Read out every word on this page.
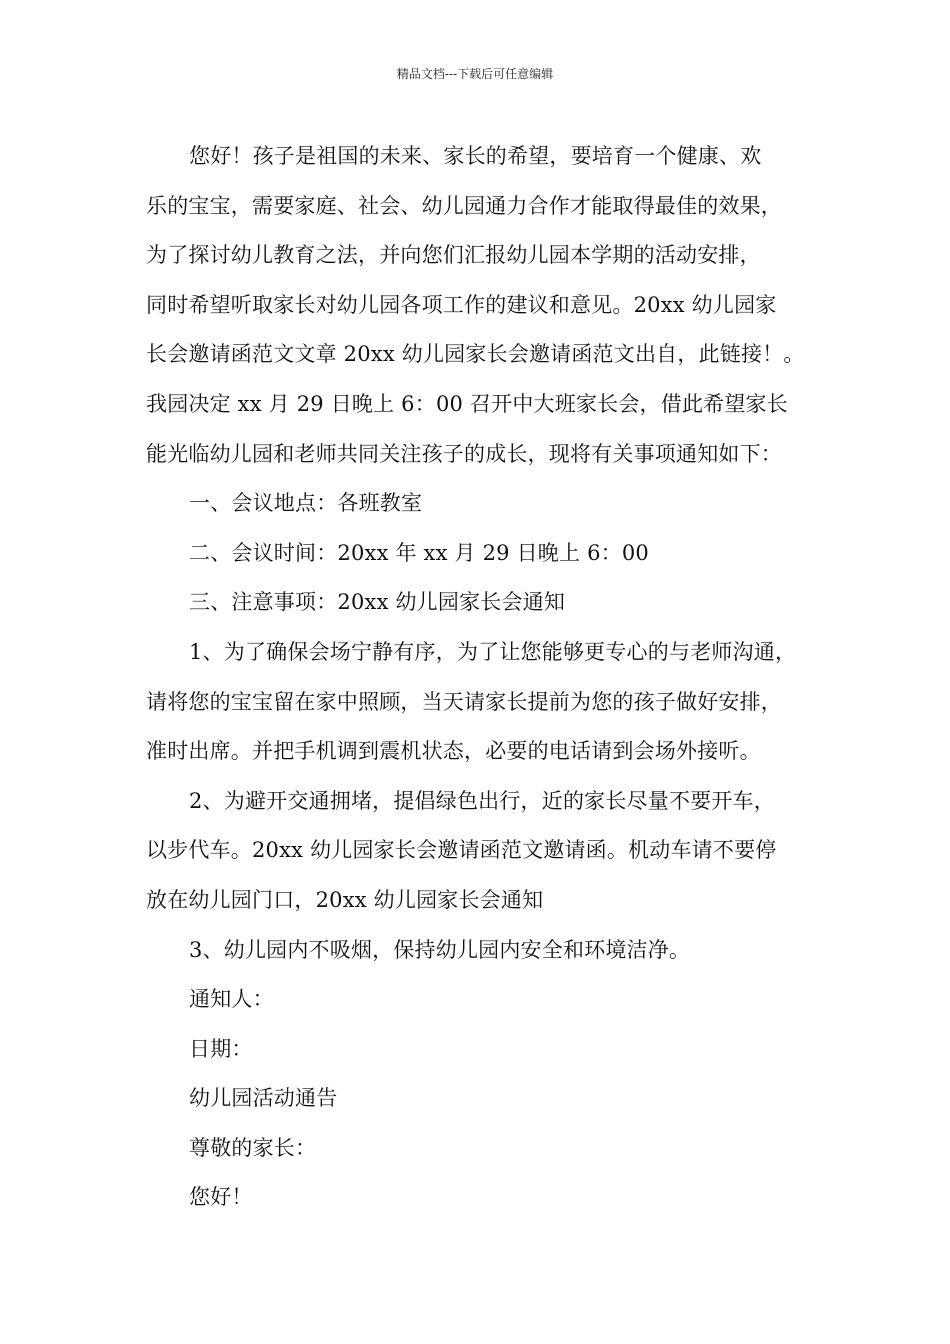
精品文档---下载后可任意编辑
您好！孩子是祖国的未来、家长的希望，要培育一个健康、欢
乐的宝宝，需要家庭、社会、幼儿园通力合作才能取得最佳的效果，
为了探讨幼儿教育之法，并向您们汇报幼儿园本学期的活动安排，
同时希望听取家长对幼儿园各项工作的建议和意见。20xx 幼儿园家
长会邀请函范文文章 20xx 幼儿园家长会邀请函范文出自，此链接！。
我园决定 xx 月 29 日晚上 6：00 召开中大班家长会，借此希望家长
能光临幼儿园和老师共同关注孩子的成长，现将有关事项通知如下：
一、会议地点：各班教室
二、会议时间：20xx 年 xx 月 29 日晚上 6：00
三、注意事项：20xx 幼儿园家长会通知
1、为了确保会场宁静有序，为了让您能够更专心的与老师沟通，
请将您的宝宝留在家中照顾，当天请家长提前为您的孩子做好安排，
准时出席。并把手机调到震机状态，必要的电话请到会场外接听。
2、为避开交通拥堵，提倡绿色出行，近的家长尽量不要开车，
以步代车。20xx 幼儿园家长会邀请函范文邀请函。机动车请不要停
放在幼儿园门口，20xx 幼儿园家长会通知
3、幼儿园内不吸烟，保持幼儿园内安全和环境洁净。
通知人：
日期：
幼儿园活动通告
尊敬的家长：
您好！
